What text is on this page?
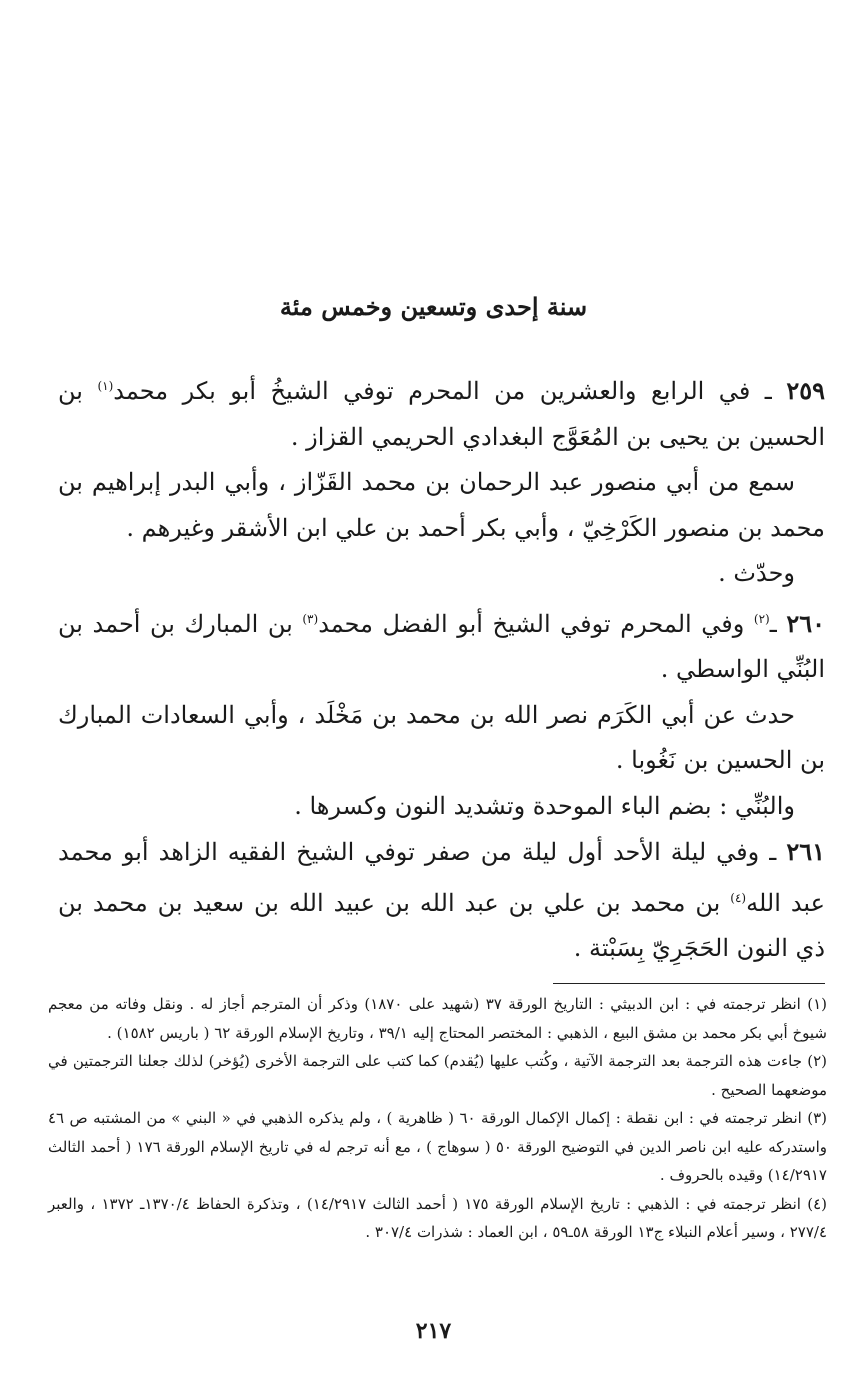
سنة إحدى وتسعين وخمس مئة

٢٥٩ ـ في الرابع والعشرين من المحرم توفي الشيخُ أبو بكر محمد$^{(١)}$ بن الحسين بن يحيى بن المُعَوَّج البغدادي الحريمي القزاز .

سمع من أبي منصور عبد الرحمان بن محمد القَزّاز ، وأبي البدر إبراهيم بن محمد بن منصور الكَرْخِيّ ، وأبي بكر أحمد بن علي ابن الأشقر وغيرهم .

وحدّث .

٢٦٠ ـ$^{(٢)}$ وفي المحرم توفي الشيخ أبو الفضل محمد$^{(٣)}$ بن المبارك بن أحمد بن البُنِّي الواسطي .

حدث عن أبي الكَرَم نصر الله بن محمد بن مَخْلَد ، وأبي السعادات المبارك بن الحسين بن نَغُوبا .

والبُنِّي : بضم الباء الموحدة وتشديد النون وكسرها .

٢٦١ ـ وفي ليلة الأحد أول ليلة من صفر توفي الشيخ الفقيه الزاهد أبو محمد عبد الله$^{(٤)}$ بن محمد بن علي بن عبد الله بن عبيد الله بن سعيد بن محمد بن ذي النون الحَجَرِيّ بِسَبْتة .

(١) انظر ترجمته في : ابن الدبيثي : التاريخ الورقة ٣٧ (شهيد على ١٨٧٠) وذكر أن المترجم أجاز له . ونقل وفاته من معجم شيوخ أبي بكر محمد بن مشق البيع ، الذهبي : المختصر المحتاج إليه ٣٩/١ ، وتاريخ الإسلام الورقة ٦٢ ( باريس ١٥٨٢) .

(٢) جاءت هذه الترجمة بعد الترجمة الآتية ، وكُتب عليها (يُقدم) كما كتب على الترجمة الأخرى (يُؤخر) لذلك جعلنا الترجمتين في موضعهما الصحيح .

(٣) انظر ترجمته في : ابن نقطة : إكمال الإكمال الورقة ٦٠ ( ظاهرية ) ، ولم يذكره الذهبي في « البني » من المشتبه ص ٤٦ واستدركه عليه ابن ناصر الدين في التوضيح الورقة ٥٠ ( سوهاج ) ، مع أنه ترجم له في تاريخ الإسلام الورقة ١٧٦ ( أحمد الثالث ١٤/٢٩١٧) وقيده بالحروف .

(٤) انظر ترجمته في : الذهبي : تاريخ الإسلام الورقة ١٧٥ ( أحمد الثالث ١٤/٢٩١٧) ، وتذكرة الحفاظ ١٣٧٠/٤ـ ١٣٧٢ ، والعبر ٢٧٧/٤ ، وسير أعلام النبلاء ج١٣ الورقة ٥٨ـ٥٩ ، ابن العماد : شذرات ٣٠٧/٤ .

٢١٧
